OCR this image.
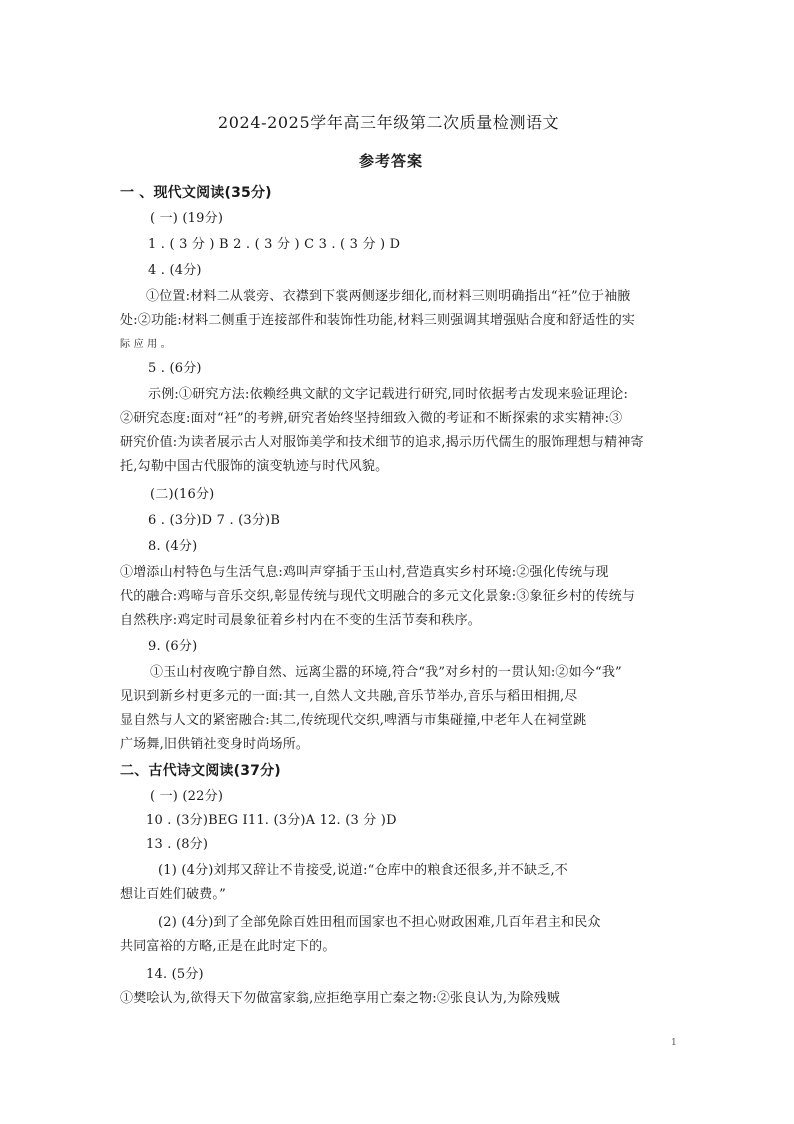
2024-2025学年高三年级第二次质量检测语文
参考答案
一 、现代文阅读(35分)
( 一) (19分)
1 . ( 3 分 ) B 2 . ( 3 分 ) C 3 . ( 3 分 ) D
4 . (4分)
①位置:材料二从裳旁、衣襟到下裳两侧逐步细化,而材料三则明确指出“衽”位于袖腋
处:②功能:材料二侧重于连接部件和装饰性功能,材料三则强调其增强贴合度和舒适性的实
际 应 用 。
5 . (6分)
示例:①研究方法:依赖经典文献的文字记载进行研究,同时依据考古发现来验证理论:
②研究态度:面对“衽”的考辨,研究者始终坚持细致入微的考证和不断探索的求实精神:③
研究价值:为读者展示古人对服饰美学和技术细节的追求,揭示历代儒生的服饰理想与精神寄
托,勾勒中国古代服饰的演变轨迹与时代风貌。
(二)(16分)
6 . (3分)D 7 . (3分)B
8. (4分)
①增添山村特色与生活气息:鸡叫声穿插于玉山村,营造真实乡村环境:②强化传统与现
代的融合:鸡啼与音乐交织,彰显传统与现代文明融合的多元文化景象:③象征乡村的传统与
自然秩序:鸡定时司晨象征着乡村内在不变的生活节奏和秩序。
9. (6分)
①玉山村夜晚宁静自然、远离尘嚣的环境,符合“我”对乡村的一贯认知:②如今“我”
见识到新乡村更多元的一面:其一,自然人文共融,音乐节举办,音乐与稻田相拥,尽
显自然与人文的紧密融合:其二,传统现代交织,啤酒与市集碰撞,中老年人在祠堂跳
广场舞,旧供销社变身时尚场所。
二、古代诗文阅读(37分)
( 一) (22分)
10 . (3分)BEG I11. (3分)A 12. (3 分 )D
13 . (8分)
(1) (4分)刘邦又辞让不肯接受,说道:“仓库中的粮食还很多,并不缺乏,不
想让百姓们破费。”
(2) (4分)到了全部免除百姓田租而国家也不担心财政困难,几百年君主和民众
共同富裕的方略,正是在此时定下的。
14. (5分)
①樊哙认为,欲得天下勿做富家翁,应拒绝享用亡秦之物:②张良认为,为除残贼
1
